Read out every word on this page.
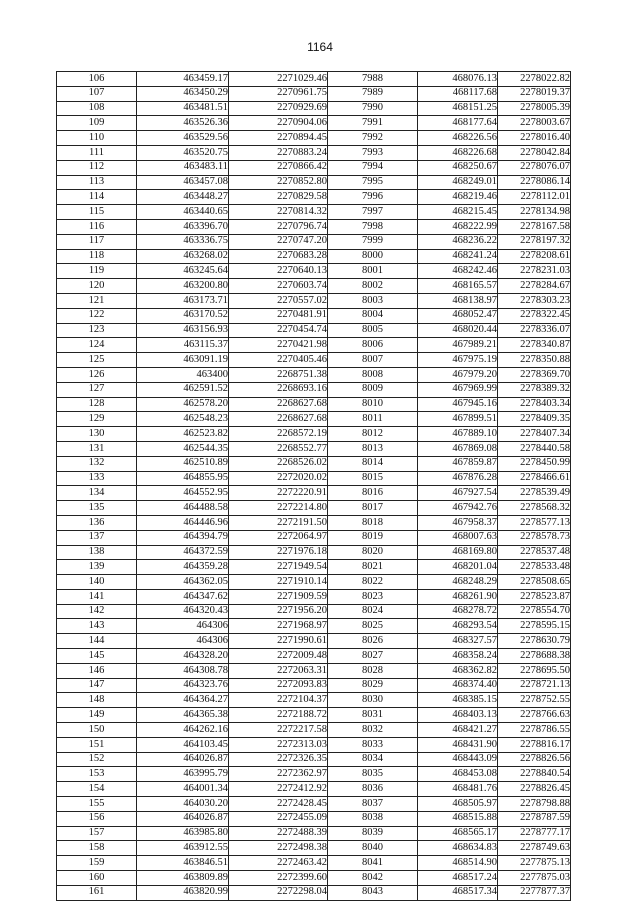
1164
106	463459.17	2271029.46	7988	468076.13	2278022.82
107	463450.29	2270961.75	7989	468117.68	2278019.37
108	463481.51	2270929.69	7990	468151.25	2278005.39
109	463526.36	2270904.06	7991	468177.64	2278003.67
110	463529.56	2270894.45	7992	468226.56	2278016.40
111	463520.75	2270883.24	7993	468226.68	2278042.84
112	463483.11	2270866.42	7994	468250.67	2278076.07
113	463457.08	2270852.80	7995	468249.01	2278086.14
114	463448.27	2270829.58	7996	468219.46	2278112.01
115	463440.65	2270814.32	7997	468215.45	2278134.98
116	463396.70	2270796.74	7998	468222.99	2278167.58
117	463336.75	2270747.20	7999	468236.22	2278197.32
118	463268.02	2270683.28	8000	468241.24	2278208.61
119	463245.64	2270640.13	8001	468242.46	2278231.03
120	463200.80	2270603.74	8002	468165.57	2278284.67
121	463173.71	2270557.02	8003	468138.97	2278303.23
122	463170.52	2270481.91	8004	468052.47	2278322.45
123	463156.93	2270454.74	8005	468020.44	2278336.07
124	463115.37	2270421.98	8006	467989.21	2278340.87
125	463091.19	2270405.46	8007	467975.19	2278350.88
126	463400	2268751.38	8008	467979.20	2278369.70
127	462591.52	2268693.16	8009	467969.99	2278389.32
128	462578.20	2268627.68	8010	467945.16	2278403.34
129	462548.23	2268627.68	8011	467899.51	2278409.35
130	462523.82	2268572.19	8012	467889.10	2278407.34
131	462544.35	2268552.77	8013	467869.08	2278440.58
132	462510.89	2268526.02	8014	467859.87	2278450.99
133	464855.95	2272020.02	8015	467876.28	2278466.61
134	464552.95	2272220.91	8016	467927.54	2278539.49
135	464488.58	2272214.80	8017	467942.76	2278568.32
136	464446.96	2272191.50	8018	467958.37	2278577.13
137	464394.79	2272064.97	8019	468007.63	2278578.73
138	464372.59	2271976.18	8020	468169.80	2278537.48
139	464359.28	2271949.54	8021	468201.04	2278533.48
140	464362.05	2271910.14	8022	468248.29	2278508.65
141	464347.62	2271909.59	8023	468261.90	2278523.87
142	464320.43	2271956.20	8024	468278.72	2278554.70
143	464306	2271968.97	8025	468293.54	2278595.15
144	464306	2271990.61	8026	468327.57	2278630.79
145	464328.20	2272009.48	8027	468358.24	2278688.38
146	464308.78	2272063.31	8028	468362.82	2278695.50
147	464323.76	2272093.83	8029	468374.40	2278721.13
148	464364.27	2272104.37	8030	468385.15	2278752.55
149	464365.38	2272188.72	8031	468403.13	2278766.63
150	464262.16	2272217.58	8032	468421.27	2278786.55
151	464103.45	2272313.03	8033	468431.90	2278816.17
152	464026.87	2272326.35	8034	468443.09	2278826.56
153	463995.79	2272362.97	8035	468453.08	2278840.54
154	464001.34	2272412.92	8036	468481.76	2278826.45
155	464030.20	2272428.45	8037	468505.97	2278798.88
156	464026.87	2272455.09	8038	468515.88	2278787.59
157	463985.80	2272488.39	8039	468565.17	2278777.17
158	463912.55	2272498.38	8040	468634.83	2278749.63
159	463846.51	2272463.42	8041	468514.90	2277875.13
160	463809.89	2272399.60	8042	468517.24	2277875.03
161	463820.99	2272298.04	8043	468517.34	2277877.37
